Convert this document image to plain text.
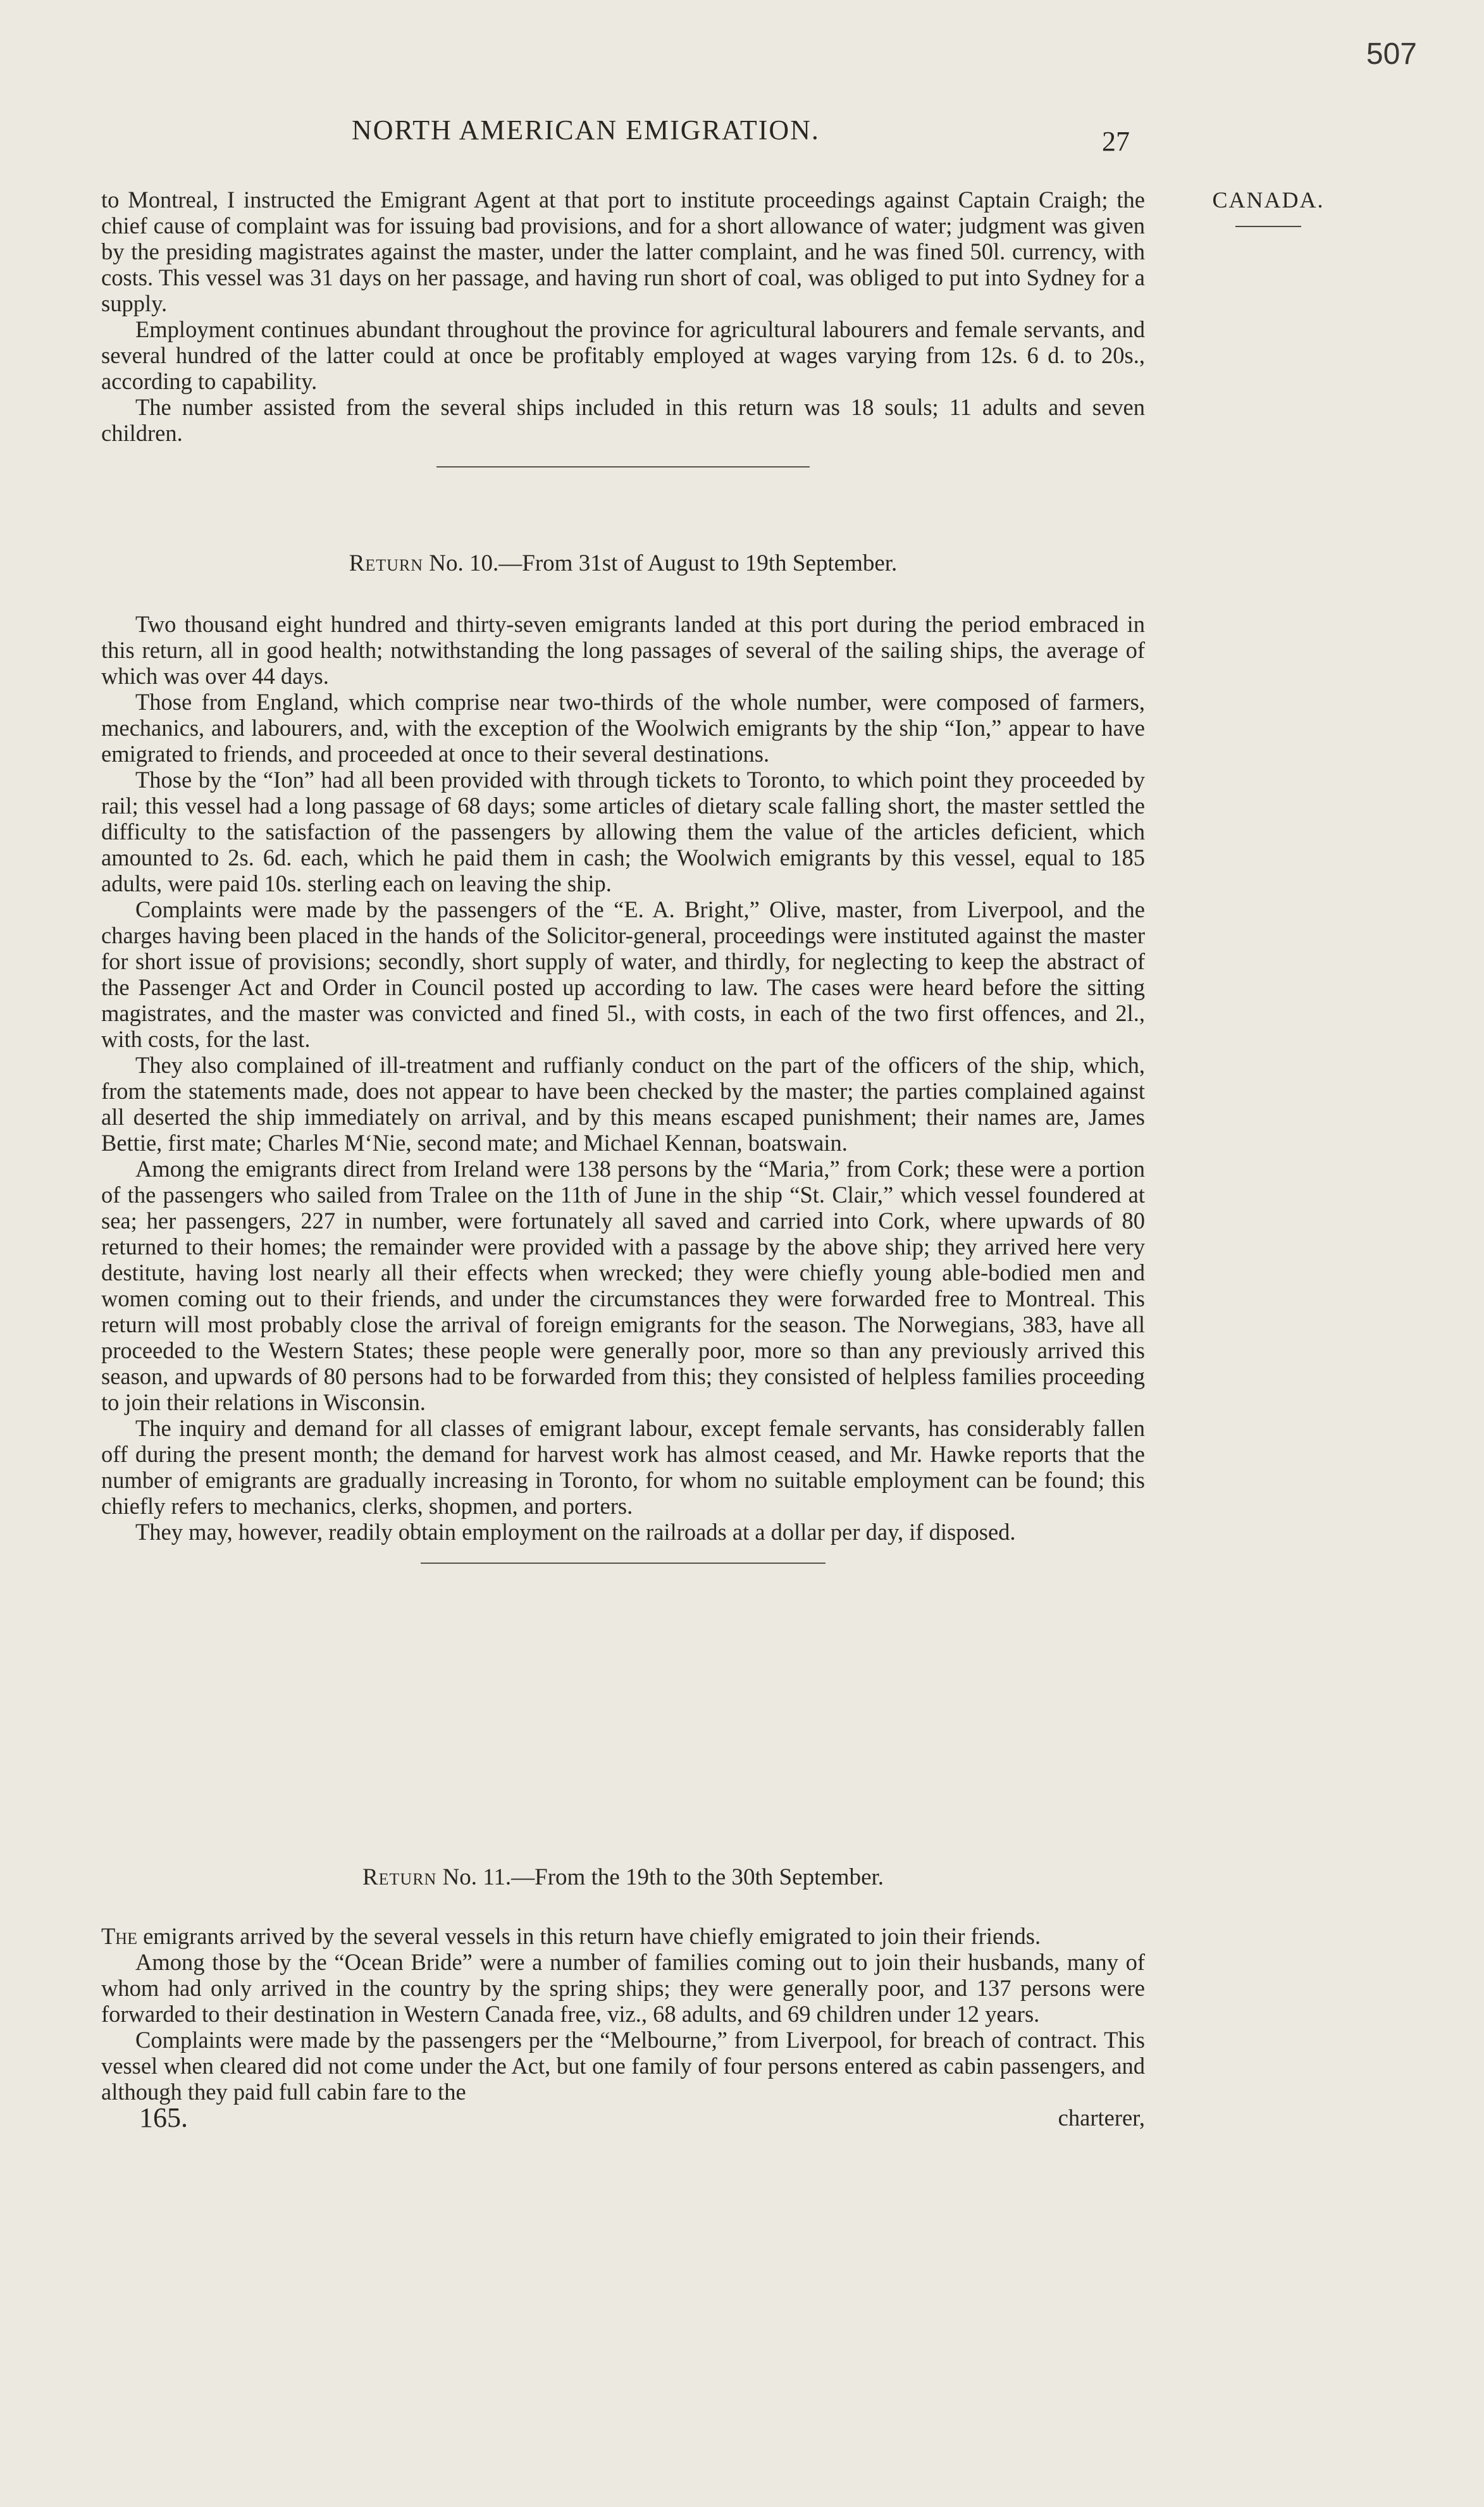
507
NORTH AMERICAN EMIGRATION.	27
CANADA.

to Montreal, I instructed the Emigrant Agent at that port to institute proceedings against Captain Craigh; the chief cause of complaint was for issuing bad provisions, and for a short allowance of water; judgment was given by the presiding magistrates against the master, under the latter complaint, and he was fined 50l. currency, with costs. This vessel was 31 days on her passage, and having run short of coal, was obliged to put into Sydney for a supply.

Employment continues abundant throughout the province for agricultural labourers and female servants, and several hundred of the latter could at once be profitably employed at wages varying from 12s. 6 d. to 20s., according to capability.

The number assisted from the several ships included in this return was 18 souls; 11 adults and seven children.

Return No. 10.—From 31st of August to 19th September.

Two thousand eight hundred and thirty-seven emigrants landed at this port during the period embraced in this return, all in good health; notwithstanding the long passages of several of the sailing ships, the average of which was over 44 days.

Those from England, which comprise near two-thirds of the whole number, were composed of farmers, mechanics, and labourers, and, with the exception of the Woolwich emigrants by the ship “Ion,” appear to have emigrated to friends, and proceeded at once to their several destinations.

Those by the “Ion” had all been provided with through tickets to Toronto, to which point they proceeded by rail; this vessel had a long passage of 68 days; some articles of dietary scale falling short, the master settled the difficulty to the satisfaction of the passengers by allowing them the value of the articles deficient, which amounted to 2s. 6d. each, which he paid them in cash; the Woolwich emigrants by this vessel, equal to 185 adults, were paid 10s. sterling each on leaving the ship.

Complaints were made by the passengers of the “E. A. Bright,” Olive, master, from Liverpool, and the charges having been placed in the hands of the Solicitor-general, proceedings were instituted against the master for short issue of provisions; secondly, short supply of water, and thirdly, for neglecting to keep the abstract of the Passenger Act and Order in Council posted up according to law. The cases were heard before the sitting magistrates, and the master was convicted and fined 5l., with costs, in each of the two first offences, and 2l., with costs, for the last.

They also complained of ill-treatment and ruffianly conduct on the part of the officers of the ship, which, from the statements made, does not appear to have been checked by the master; the parties complained against all deserted the ship immediately on arrival, and by this means escaped punishment; their names are, James Bettie, first mate; Charles M‘Nie, second mate; and Michael Kennan, boatswain.

Among the emigrants direct from Ireland were 138 persons by the “Maria,” from Cork; these were a portion of the passengers who sailed from Tralee on the 11th of June in the ship “St. Clair,” which vessel foundered at sea; her passengers, 227 in number, were fortunately all saved and carried into Cork, where upwards of 80 returned to their homes; the remainder were provided with a passage by the above ship; they arrived here very destitute, having lost nearly all their effects when wrecked; they were chiefly young able-bodied men and women coming out to their friends, and under the circumstances they were forwarded free to Montreal. This return will most probably close the arrival of foreign emigrants for the season. The Norwegians, 383, have all proceeded to the Western States; these people were generally poor, more so than any previously arrived this season, and upwards of 80 persons had to be forwarded from this; they consisted of helpless families proceeding to join their relations in Wisconsin.

The inquiry and demand for all classes of emigrant labour, except female servants, has considerably fallen off during the present month; the demand for harvest work has almost ceased, and Mr. Hawke reports that the number of emigrants are gradually increasing in Toronto, for whom no suitable employment can be found; this chiefly refers to mechanics, clerks, shopmen, and porters.

They may, however, readily obtain employment on the railroads at a dollar per day, if disposed.

Return No. 11.—From the 19th to the 30th September.

The emigrants arrived by the several vessels in this return have chiefly emigrated to join their friends.

Among those by the “Ocean Bride” were a number of families coming out to join their husbands, many of whom had only arrived in the country by the spring ships; they were generally poor, and 137 persons were forwarded to their destination in Western Canada free, viz., 68 adults, and 69 children under 12 years.

Complaints were made by the passengers per the “Melbourne,” from Liverpool, for breach of contract. This vessel when cleared did not come under the Act, but one family of four persons entered as cabin passengers, and although they paid full cabin fare to the

165.	charterer,
